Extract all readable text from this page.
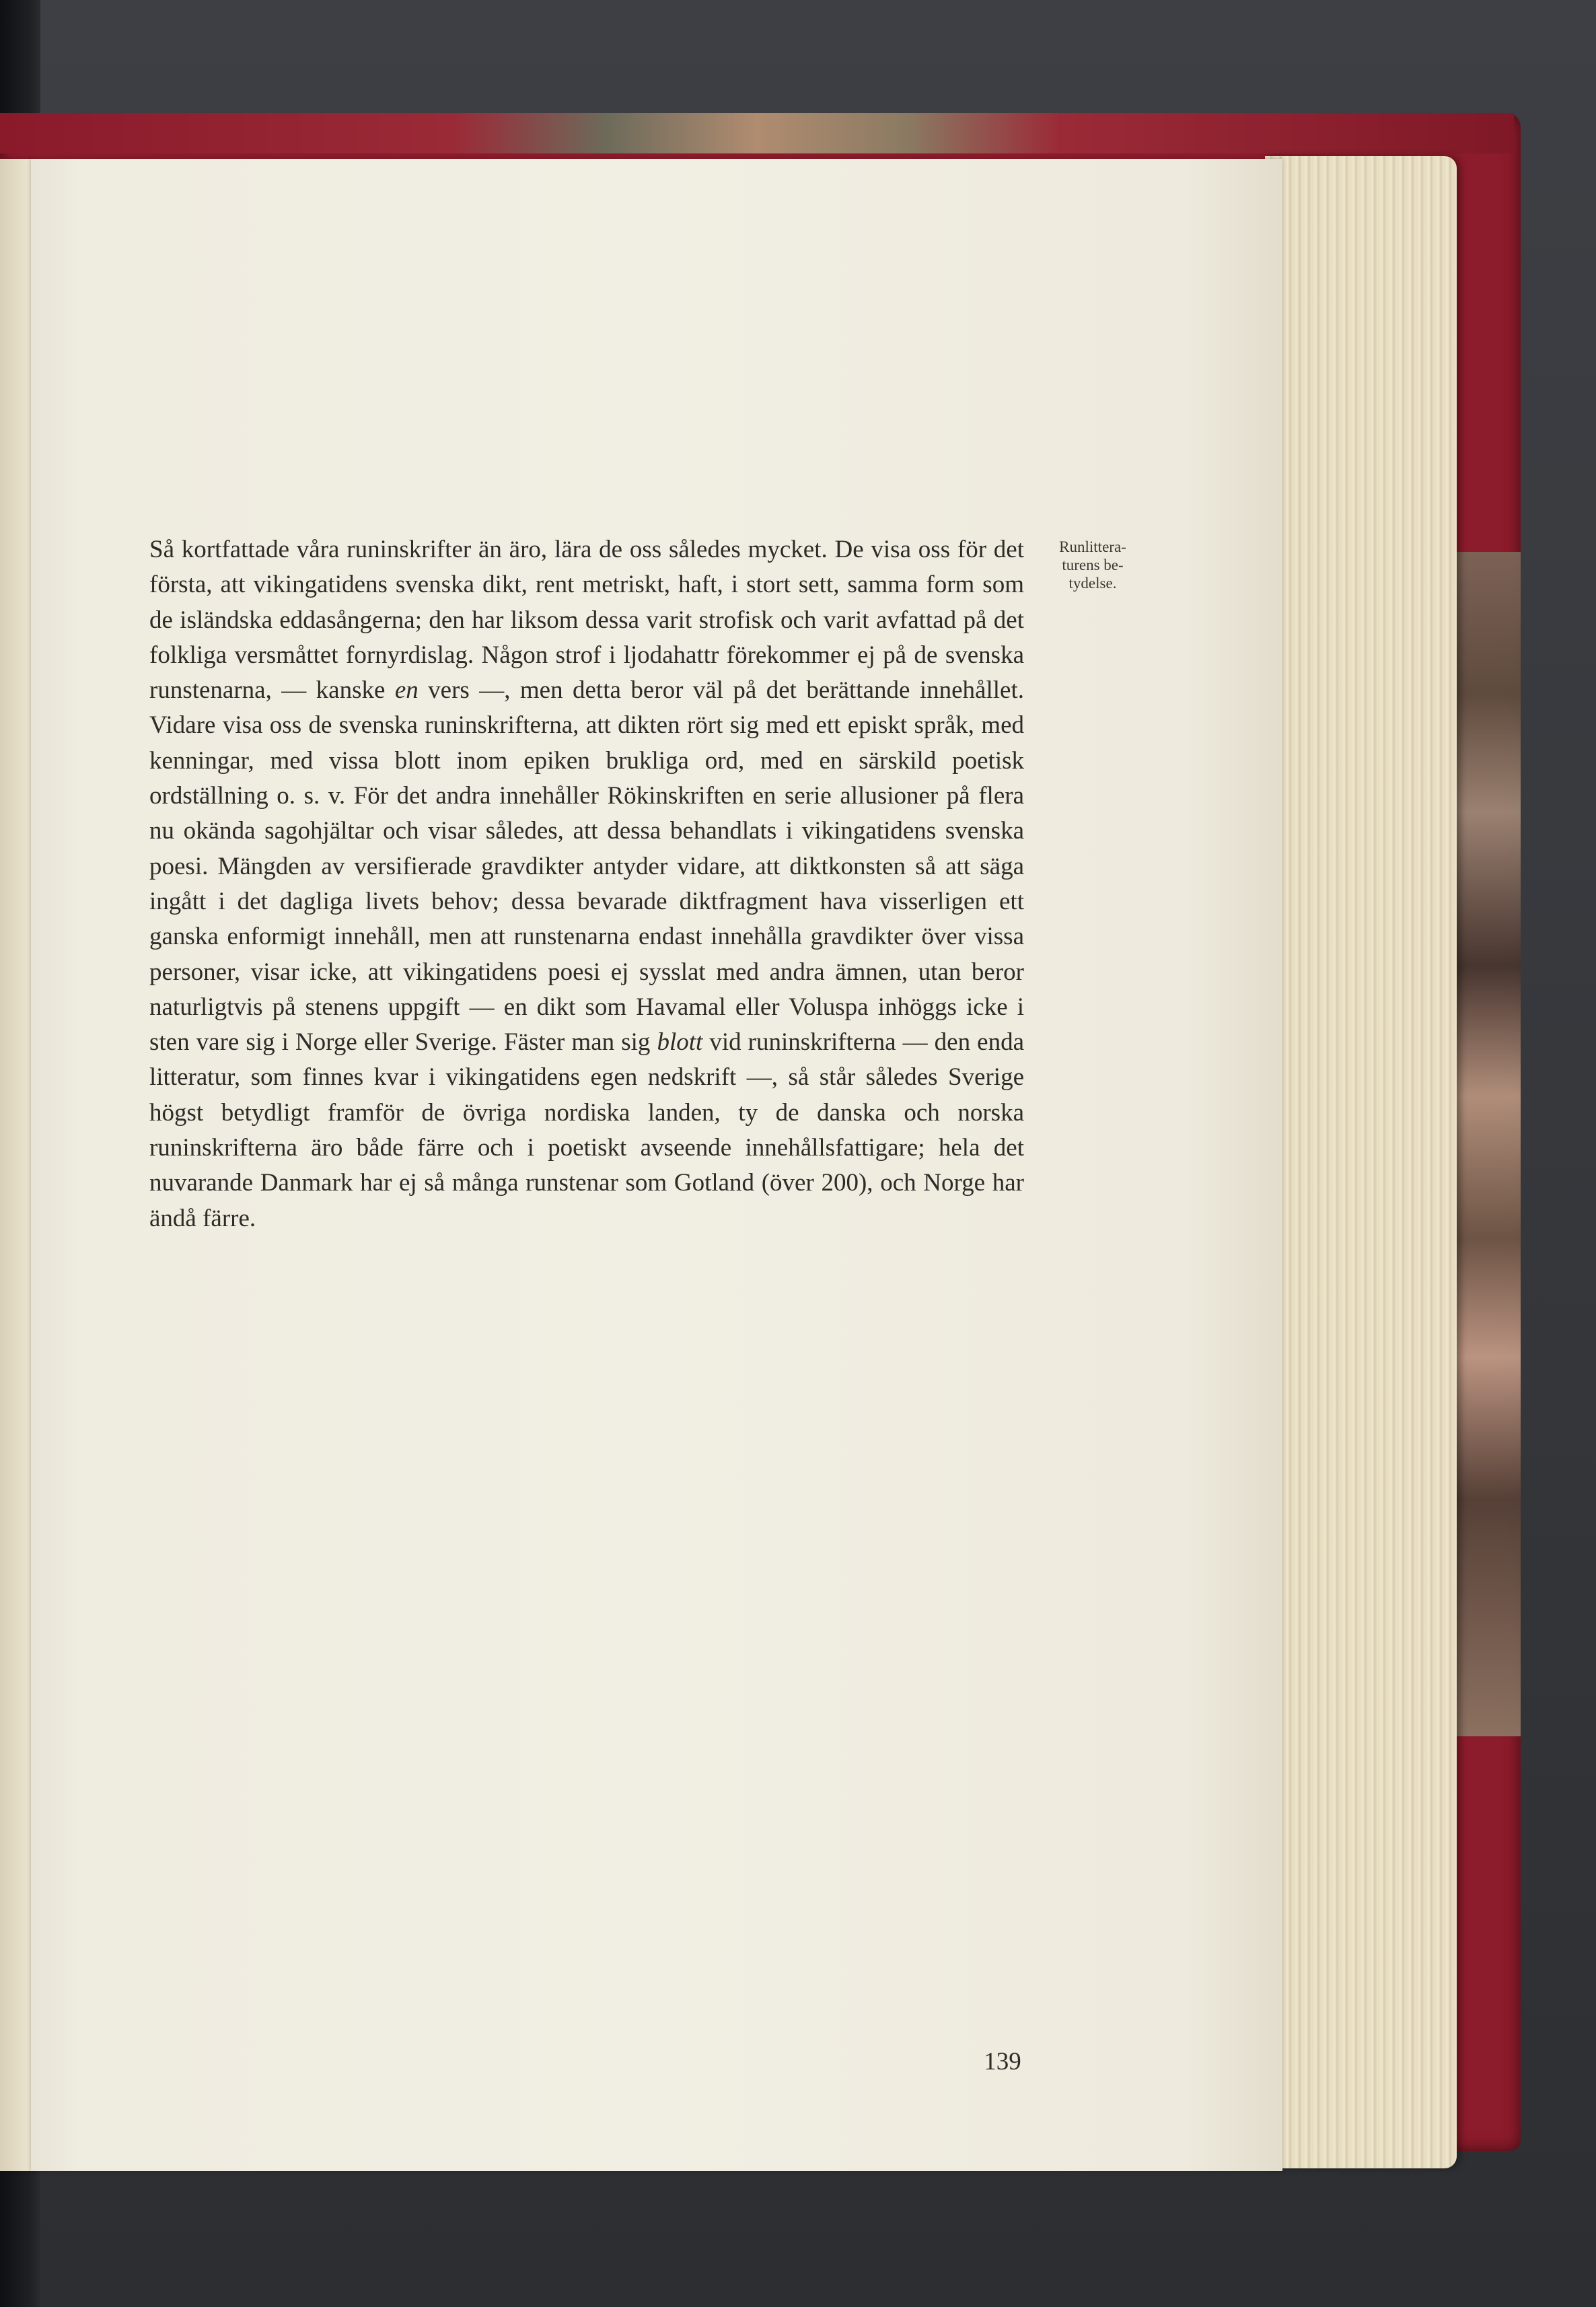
Så kortfattade våra runinskrifter än äro, lära de oss således mycket. De visa oss för det första, att vikingatidens svenska dikt, rent metriskt, haft, i stort sett, samma form som de isländska eddasångerna; den har liksom dessa varit strofisk och varit avfattad på det folkliga versmåttet fornyrdislag. Någon strof i ljodahattr förekommer ej på de svenska runstenarna, — kanske en vers —, men detta beror väl på det berättande innehållet. Vidare visa oss de svenska runinskrifterna, att dikten rört sig med ett episkt språk, med kenningar, med vissa blott inom epiken brukliga ord, med en särskild poetisk ordställning o. s. v. För det andra innehåller Rökinskriften en serie allusioner på flera nu okända sagohjältar och visar således, att dessa behandlats i vikingatidens svenska poesi. Mängden av versifierade gravdikter antyder vidare, att diktkonsten så att säga ingått i det dagliga livets behov; dessa bevarade diktfragment hava visserligen ett ganska enformigt innehåll, men att runstenarna endast innehålla gravdikter över vissa personer, visar icke, att vikingatidens poesi ej sysslat med andra ämnen, utan beror naturligtvis på stenens uppgift — en dikt som Havamal eller Voluspa inhöggs icke i sten vare sig i Norge eller Sverige. Fäster man sig blott vid runinskrifterna — den enda litteratur, som finnes kvar i vikingatidens egen nedskrift —, så står således Sverige högst betydligt framför de övriga nordiska landen, ty de danska och norska runinskrifterna äro både färre och i poetiskt avseende innehållsfattigare; hela det nuvarande Danmark har ej så många runstenar som Gotland (över 200), och Norge har ändå färre.

Runlittera-
turens be-
tydelse.

139
